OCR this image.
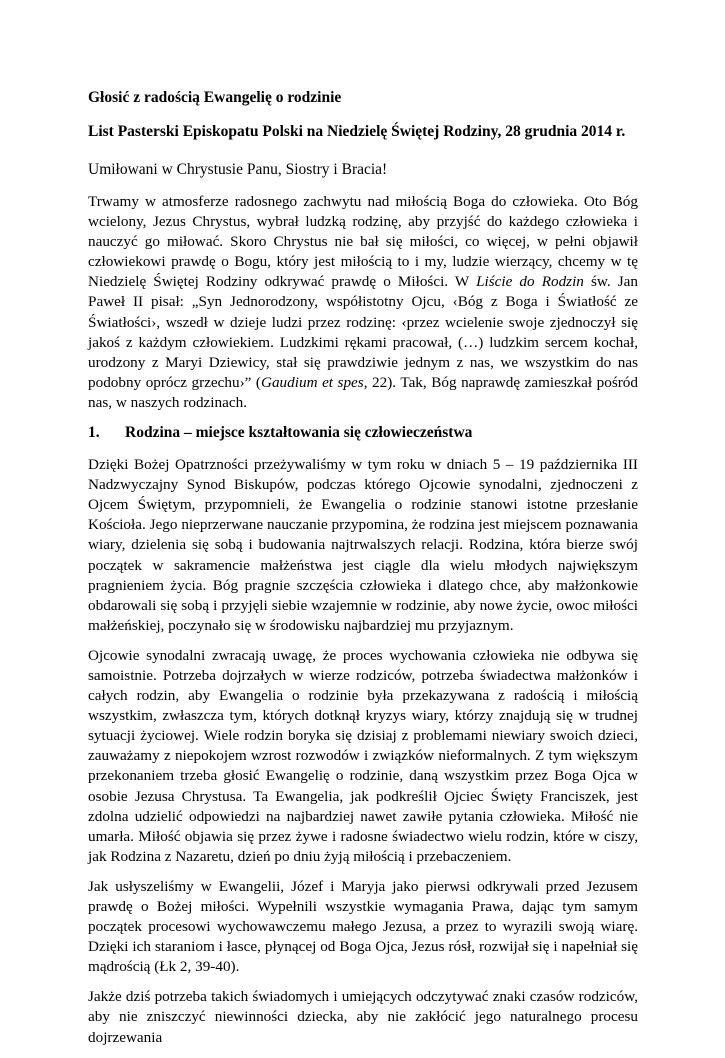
Głosić z radością Ewangelię o rodzinie
List Pasterski Episkopatu Polski na Niedzielę Świętej Rodziny, 28 grudnia 2014 r.

Umiłowani w Chrystusie Panu, Siostry i Bracia!

Trwamy w atmosferze radosnego zachwytu nad miłością Boga do człowieka. Oto Bóg wcielony, Jezus Chrystus, wybrał ludzką rodzinę, aby przyjść do każdego człowieka i nauczyć go miłować. Skoro Chrystus nie bał się miłości, co więcej, w pełni objawił człowiekowi prawdę o Bogu, który jest miłością to i my, ludzie wierzący, chcemy w tę Niedzielę Świętej Rodziny odkrywać prawdę o Miłości. W Liście do Rodzin św. Jan Paweł II pisał: „Syn Jednorodzony, współistotny Ojcu, ‹Bóg z Boga i Światłość ze Światłości›, wszedł w dzieje ludzi przez rodzinę: ‹przez wcielenie swoje zjednoczył się jakoś z każdym człowiekiem. Ludzkimi rękami pracował, (…) ludzkim sercem kochał, urodzony z Maryi Dziewicy, stał się prawdziwie jednym z nas, we wszystkim do nas podobny oprócz grzechu›” (Gaudium et spes, 22). Tak, Bóg naprawdę zamieszkał pośród nas, w naszych rodzinach.

1.	Rodzina – miejsce kształtowania się człowieczeństwa

Dzięki Bożej Opatrzności przeżywaliśmy w tym roku w dniach 5 – 19 października III Nadzwyczajny Synod Biskupów, podczas którego Ojcowie synodalni, zjednoczeni z Ojcem Świętym, przypomnieli, że Ewangelia o rodzinie stanowi istotne przesłanie Kościoła. Jego nieprzerwane nauczanie przypomina, że rodzina jest miejscem poznawania wiary, dzielenia się sobą i budowania najtrwalszych relacji. Rodzina, która bierze swój początek w sakramencie małżeństwa jest ciągle dla wielu młodych największym pragnieniem życia. Bóg pragnie szczęścia człowieka i dlatego chce, aby małżonkowie obdarowali się sobą i przyjęli siebie wzajemnie w rodzinie, aby nowe życie, owoc miłości małżeńskiej, poczynało się w środowisku najbardziej mu przyjaznym.

Ojcowie synodalni zwracają uwagę, że proces wychowania człowieka nie odbywa się samoistnie. Potrzeba dojrzałych w wierze rodziców, potrzeba świadectwa małżonków i całych rodzin, aby Ewangelia o rodzinie była przekazywana z radością i miłością wszystkim, zwłaszcza tym, których dotknął kryzys wiary, którzy znajdują się w trudnej sytuacji życiowej. Wiele rodzin boryka się dzisiaj z problemami niewiary swoich dzieci, zauważamy z niepokojem wzrost rozwodów i związków nieformalnych. Z tym większym przekonaniem trzeba głosić Ewangelię o rodzinie, daną wszystkim przez Boga Ojca w osobie Jezusa Chrystusa. Ta Ewangelia, jak podkreślił Ojciec Święty Franciszek, jest zdolna udzielić odpowiedzi na najbardziej nawet zawiłe pytania człowieka. Miłość nie umarła. Miłość objawia się przez żywe i radosne świadectwo wielu rodzin, które w ciszy, jak Rodzina z Nazaretu, dzień po dniu żyją miłością i przebaczeniem.

Jak usłyszeliśmy w Ewangelii, Józef i Maryja jako pierwsi odkrywali przed Jezusem prawdę o Bożej miłości. Wypełnili wszystkie wymagania Prawa, dając tym samym początek procesowi wychowawczemu małego Jezusa, a przez to wyrazili swoją wiarę. Dzięki ich staraniom i łasce, płynącej od Boga Ojca, Jezus rósł, rozwijał się i napełniał się mądrością (Łk 2, 39-40).

Jakże dziś potrzeba takich świadomych i umiejących odczytywać znaki czasów rodziców, aby nie zniszczyć niewinności dziecka, aby nie zakłócić jego naturalnego procesu dojrzewania
